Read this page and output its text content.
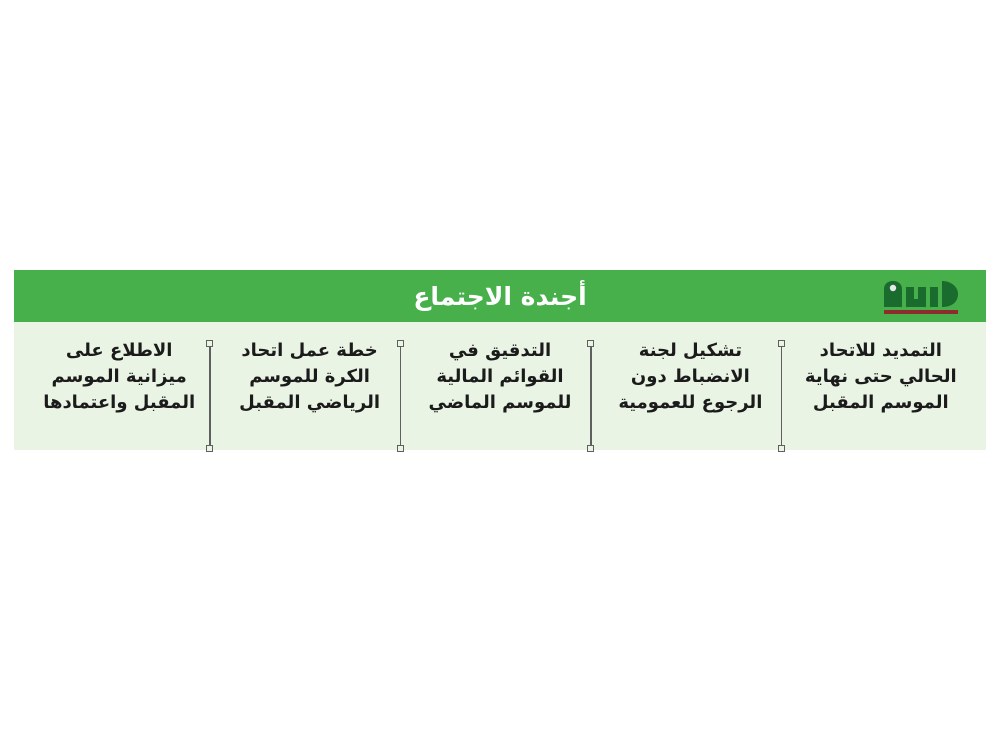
أجندة الاجتماع
التمديد للاتحاد الحالي حتى نهاية الموسم المقبل
تشكيل لجنة الانضباط دون الرجوع للعمومية
التدقيق في القوائم المالية للموسم الماضي
خطة عمل اتحاد الكرة للموسم الرياضي المقبل
الاطلاع على ميزانية الموسم المقبل واعتمادها
